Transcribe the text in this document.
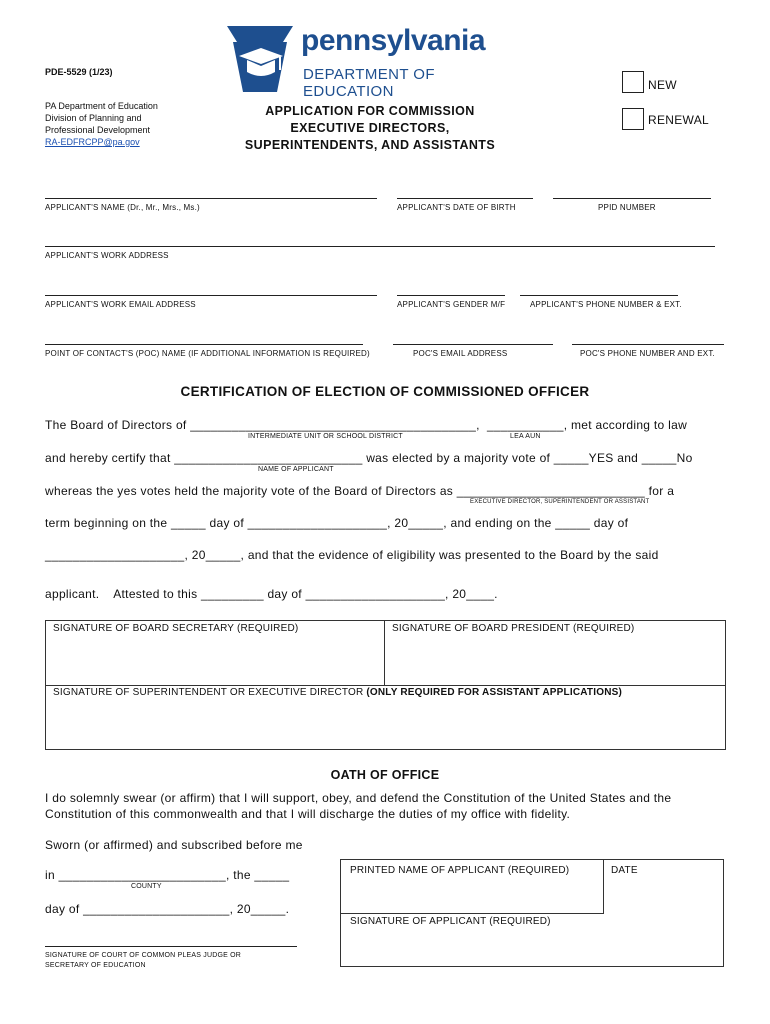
PDE-5529 (1/23)
PA Department of Education
Division of Planning and
Professional Development
RA-EDFRCPP@pa.gov
pennsylvania
DEPARTMENT OF EDUCATION	NEW
RENEWAL
APPLICATION FOR COMMISSION
EXECUTIVE DIRECTORS,
SUPERINTENDENTS, AND ASSISTANTS
APPLICANT'S NAME (Dr., Mr., Mrs., Ms.)	APPLICANT'S DATE OF BIRTH	PPID NUMBER
APPLICANT'S WORK ADDRESS
APPLICANT'S WORK EMAIL ADDRESS	APPLICANT'S GENDER M/F	APPLICANT'S PHONE NUMBER & EXT.
POINT OF CONTACT'S (POC) NAME (IF ADDITIONAL INFORMATION IS REQUIRED)	POC'S EMAIL ADDRESS	POC'S PHONE NUMBER AND EXT.
CERTIFICATION OF ELECTION OF COMMISSIONED OFFICER
The Board of Directors of _________________________________________,  ___________, met according to law
INTERMEDIATE UNIT OR SCHOOL DISTRICT	LEA AUN
and hereby certify that ___________________________ was elected by a majority vote of _____YES and _____No
NAME OF APPLICANT
whereas the yes votes held the majority vote of the Board of Directors as ___________________________ for a
EXECUTIVE DIRECTOR, SUPERINTENDENT OR ASSISTANT
term beginning on the _____ day of ____________________, 20_____, and ending on the _____ day of
____________________, 20_____, and that the evidence of eligibility was presented to the Board by the said
applicant.    Attested to this _________ day of ____________________, 20____.
SIGNATURE OF BOARD SECRETARY (REQUIRED)	SIGNATURE OF BOARD PRESIDENT (REQUIRED)
SIGNATURE OF SUPERINTENDENT OR EXECUTIVE DIRECTOR (ONLY REQUIRED FOR ASSISTANT APPLICATIONS)
OATH OF OFFICE
I do solemnly swear (or affirm) that I will support, obey, and defend the Constitution of the United States and the
Constitution of this commonwealth and that I will discharge the duties of my office with fidelity.
Sworn (or affirmed) and subscribed before me
in ________________________, the _____
COUNTY
day of _____________________, 20_____.
SIGNATURE OF COURT OF COMMON PLEAS JUDGE OR
SECRETARY OF EDUCATION
PRINTED NAME OF APPLICANT (REQUIRED)	DATE
SIGNATURE OF APPLICANT (REQUIRED)
